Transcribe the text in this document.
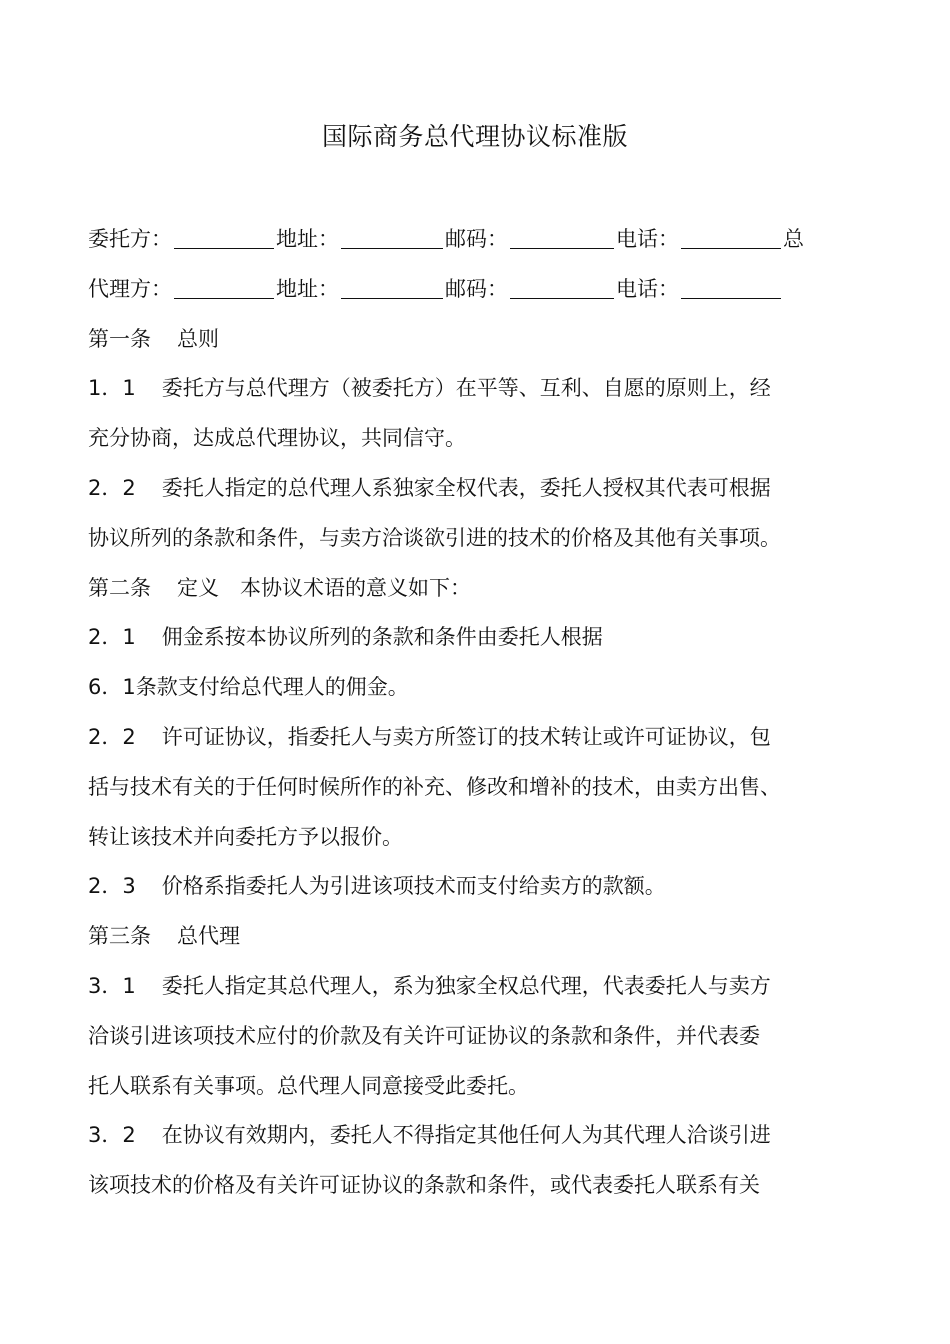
国际商务总代理协议标准版
委托方：	地址：	邮码：	电话：	总
代理方：	地址：	邮码：	电话：
第一条 总则
1．1 委托方与总代理方（被委托方）在平等、互利、自愿的原则上，经
充分协商，达成总代理协议，共同信守。
2．2 委托人指定的总代理人系独家全权代表，委托人授权其代表可根据
协议所列的条款和条件，与卖方洽谈欲引进的技术的价格及其他有关事项。
第二条 定义　本协议术语的意义如下：
2．1 佣金系按本协议所列的条款和条件由委托人根据
6．1条款支付给总代理人的佣金。
2．2 许可证协议，指委托人与卖方所签订的技术转让或许可证协议，包
括与技术有关的于任何时候所作的补充、修改和增补的技术，由卖方出售、
转让该技术并向委托方予以报价。
2．3 价格系指委托人为引进该项技术而支付给卖方的款额。
第三条 总代理
3．1 委托人指定其总代理人，系为独家全权总代理，代表委托人与卖方
洽谈引进该项技术应付的价款及有关许可证协议的条款和条件，并代表委
托人联系有关事项。总代理人同意接受此委托。
3．2 在协议有效期内，委托人不得指定其他任何人为其代理人洽谈引进
该项技术的价格及有关许可证协议的条款和条件，或代表委托人联系有关
